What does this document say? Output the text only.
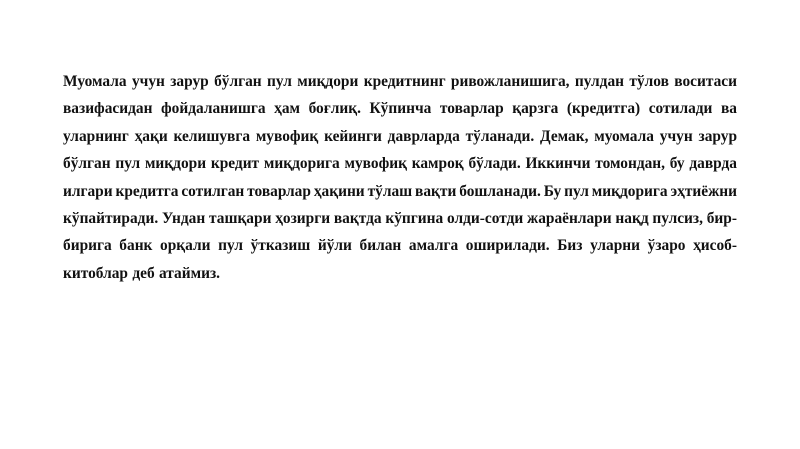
Муомала учун зарур бўлган пул миқдори кредитнинг ривожланишига, пулдан тўлов воситаси
вазифасидан фойдаланишга ҳам боғлиқ. Кўпинча товарлар қарзга (кредитга) сотилади ва
уларнинг ҳақи келишувга мувофиқ кейинги даврларда тўланади. Демак, муомала учун зарур
бўлган пул миқдори кредит миқдорига мувофиқ камроқ бўлади. Иккинчи томондан, бу даврда
илгари кредитга сотилган товарлар ҳақини тўлаш вақти бошланади. Бу пул миқдорига эҳтиёжни
кўпайтиради. Ундан ташқари ҳозирги вақтда кўпгина олди-сотди жараёнлари нақд пулсиз, бир-
бирига банк орқали пул ўтказиш йўли билан амалга оширилади. Биз уларни ўзаро ҳисоб-
китоблар деб атаймиз.
